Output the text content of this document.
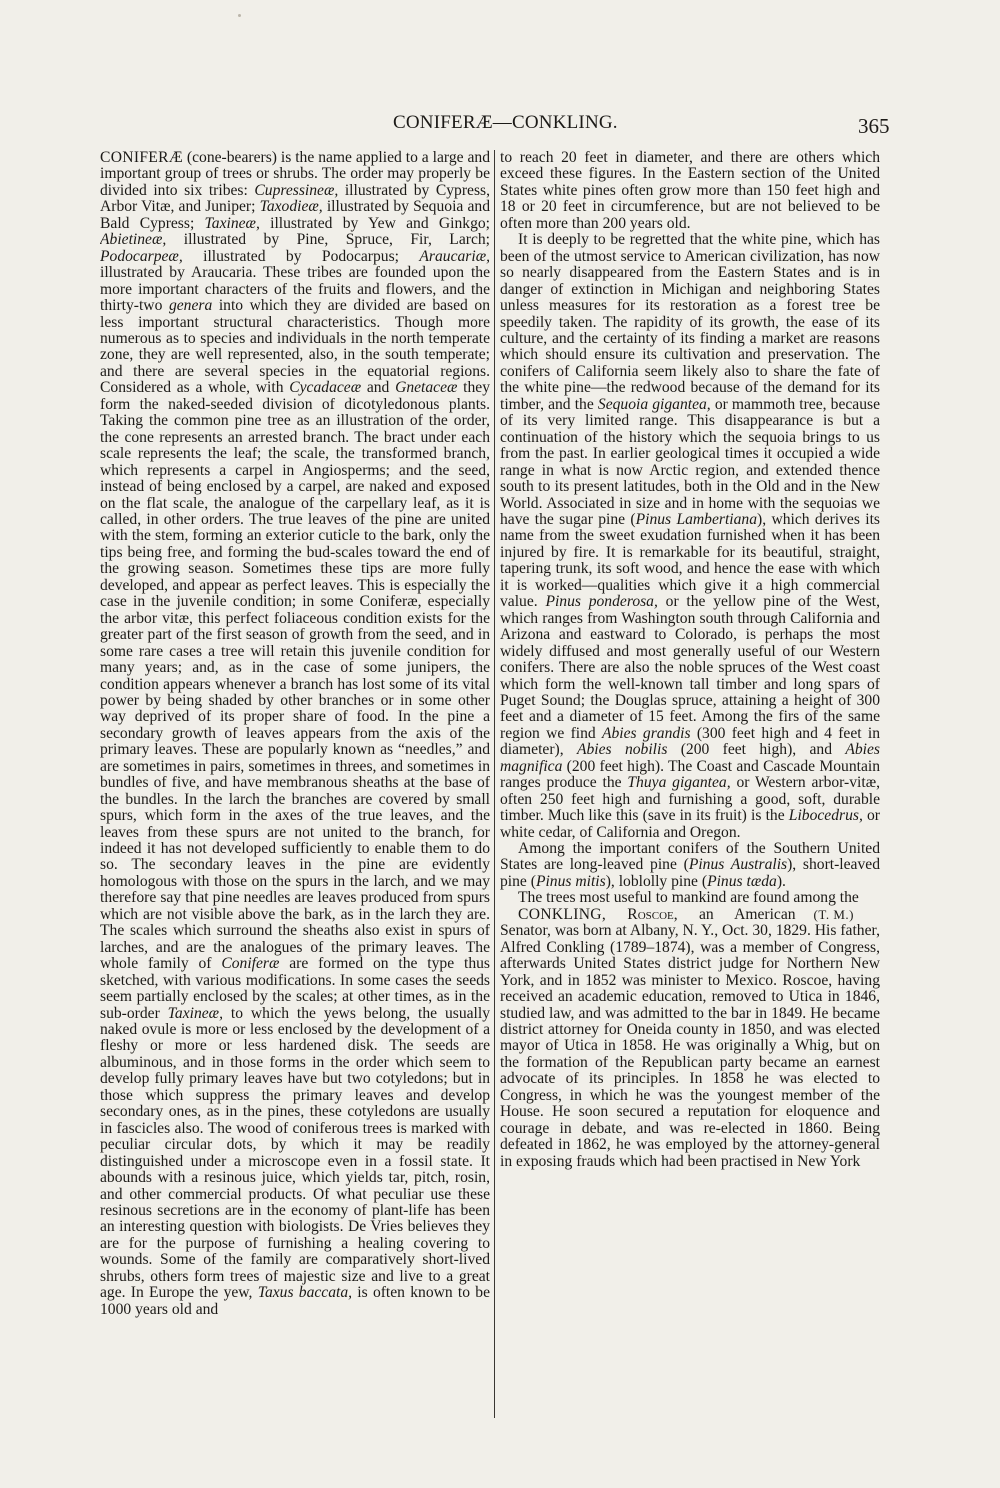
CONIFERÆ—CONKLING.	365

CONIFERÆ (cone-bearers) is the name applied to a large and important group of trees or shrubs. The order may properly be divided into six tribes: Cupressineæ, illustrated by Cypress, Arbor Vitæ, and Juniper; Taxodieæ, illustrated by Sequoia and Bald Cypress; Taxineæ, illustrated by Yew and Ginkgo; Abietineæ, illustrated by Pine, Spruce, Fir, Larch; Podocarpeæ, illustrated by Podocarpus; Araucariæ, illustrated by Araucaria. These tribes are founded upon the more important characters of the fruits and flowers, and the thirty-two genera into which they are divided are based on less important structural characteristics. Though more numerous as to species and individuals in the north temperate zone, they are well represented, also, in the south temperate; and there are several species in the equatorial regions. Considered as a whole, with Cycadaceæ and Gnetaceæ they form the naked-seeded division of dicotyledonous plants. Taking the common pine tree as an illustration of the order, the cone represents an arrested branch. The bract under each scale represents the leaf; the scale, the transformed branch, which represents a carpel in Angiosperms; and the seed, instead of being enclosed by a carpel, are naked and exposed on the flat scale, the analogue of the carpellary leaf, as it is called, in other orders. The true leaves of the pine are united with the stem, forming an exterior cuticle to the bark, only the tips being free, and forming the bud-scales toward the end of the growing season. Sometimes these tips are more fully developed, and appear as perfect leaves. This is especially the case in the juvenile condition; in some Coniferæ, especially the arbor vitæ, this perfect foliaceous condition exists for the greater part of the first season of growth from the seed, and in some rare cases a tree will retain this juvenile condition for many years; and, as in the case of some junipers, the condition appears whenever a branch has lost some of its vital power by being shaded by other branches or in some other way deprived of its proper share of food. In the pine a secondary growth of leaves appears from the axis of the primary leaves. These are popularly known as “needles,” and are sometimes in pairs, sometimes in threes, and sometimes in bundles of five, and have membranous sheaths at the base of the bundles. In the larch the branches are covered by small spurs, which form in the axes of the true leaves, and the leaves from these spurs are not united to the branch, for indeed it has not developed sufficiently to enable them to do so. The secondary leaves in the pine are evidently homologous with those on the spurs in the larch, and we may therefore say that pine needles are leaves produced from spurs which are not visible above the bark, as in the larch they are. The scales which surround the sheaths also exist in spurs of larches, and are the analogues of the primary leaves. The whole family of Coniferæ are formed on the type thus sketched, with various modifications. In some cases the seeds seem partially enclosed by the scales; at other times, as in the sub-order Taxineæ, to which the yews belong, the usually naked ovule is more or less enclosed by the development of a fleshy or more or less hardened disk. The seeds are albuminous, and in those forms in the order which seem to develop fully primary leaves have but two cotyledons; but in those which suppress the primary leaves and develop secondary ones, as in the pines, these cotyledons are usually in fascicles also. The wood of coniferous trees is marked with peculiar circular dots, by which it may be readily distinguished under a microscope even in a fossil state. It abounds with a resinous juice, which yields tar, pitch, rosin, and other commercial products. Of what peculiar use these resinous secretions are in the economy of plant-life has been an interesting question with biologists. De Vries believes they are for the purpose of furnishing a healing covering to wounds. Some of the family are comparatively short-lived shrubs, others form trees of majestic size and live to a great age. In Europe the yew, Taxus baccata, is often known to be 1000 years old and

to reach 20 feet in diameter, and there are others which exceed these figures. In the Eastern section of the United States white pines often grow more than 150 feet high and 18 or 20 feet in circumference, but are not believed to be often more than 200 years old.

It is deeply to be regretted that the white pine, which has been of the utmost service to American civilization, has now so nearly disappeared from the Eastern States and is in danger of extinction in Michigan and neighboring States unless measures for its restoration as a forest tree be speedily taken. The rapidity of its growth, the ease of its culture, and the certainty of its finding a market are reasons which should ensure its cultivation and preservation. The conifers of California seem likely also to share the fate of the white pine—the redwood because of the demand for its timber, and the Sequoia gigantea, or mammoth tree, because of its very limited range. This disappearance is but a continuation of the history which the sequoia brings to us from the past. In earlier geological times it occupied a wide range in what is now Arctic region, and extended thence south to its present latitudes, both in the Old and in the New World. Associated in size and in home with the sequoias we have the sugar pine (Pinus Lambertiana), which derives its name from the sweet exudation furnished when it has been injured by fire. It is remarkable for its beautiful, straight, tapering trunk, its soft wood, and hence the ease with which it is worked—qualities which give it a high commercial value. Pinus ponderosa, or the yellow pine of the West, which ranges from Washington south through California and Arizona and eastward to Colorado, is perhaps the most widely diffused and most generally useful of our Western conifers. There are also the noble spruces of the West coast which form the well-known tall timber and long spars of Puget Sound; the Douglas spruce, attaining a height of 300 feet and a diameter of 15 feet. Among the firs of the same region we find Abies grandis (300 feet high and 4 feet in diameter), Abies nobilis (200 feet high), and Abies magnifica (200 feet high). The Coast and Cascade Mountain ranges produce the Thuya gigantea, or Western arbor-vitæ, often 250 feet high and furnishing a good, soft, durable timber. Much like this (save in its fruit) is the Libocedrus, or white cedar, of California and Oregon.

Among the important conifers of the Southern United States are long-leaved pine (Pinus Australis), short-leaved pine (Pinus mitis), loblolly pine (Pinus tæda).

The trees most useful to mankind are found among the
(T. M.)

CONKLING, Roscoe, an American Senator, was born at Albany, N. Y., Oct. 30, 1829. His father, Alfred Conkling (1789–1874), was a member of Congress, afterwards United States district judge for Northern New York, and in 1852 was minister to Mexico. Roscoe, having received an academic education, removed to Utica in 1846, studied law, and was admitted to the bar in 1849. He became district attorney for Oneida county in 1850, and was elected mayor of Utica in 1858. He was originally a Whig, but on the formation of the Republican party became an earnest advocate of its principles. In 1858 he was elected to Congress, in which he was the youngest member of the House. He soon secured a reputation for eloquence and courage in debate, and was re-elected in 1860. Being defeated in 1862, he was employed by the attorney-general in exposing frauds which had been practised in New York
